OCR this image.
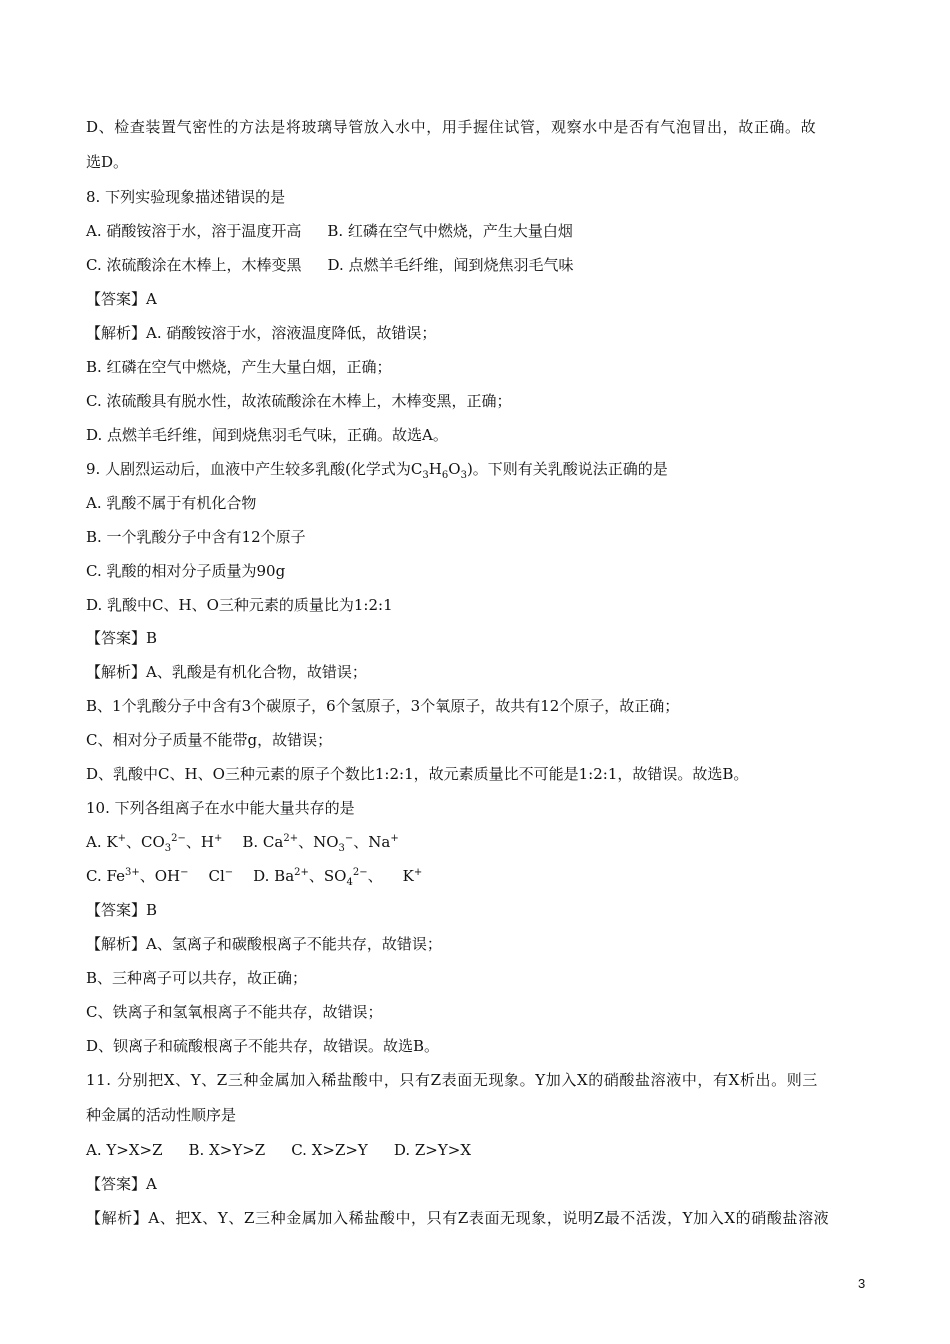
D、检查装置气密性的方法是将玻璃导管放入水中，用手握住试管，观察水中是否有气泡冒出，故正确。故
选D。
8. 下列实验现象描述错误的是
A. 硝酸铵溶于水，溶于温度开高 B. 红磷在空气中燃烧，产生大量白烟
C. 浓硫酸涂在木棒上，木棒变黑 D. 点燃羊毛纤维，闻到烧焦羽毛气味
【答案】A
【解析】A. 硝酸铵溶于水，溶液温度降低，故错误；
B. 红磷在空气中燃烧，产生大量白烟，正确；
C. 浓硫酸具有脱水性，故浓硫酸涂在木棒上，木棒变黑，正确；
D. 点燃羊毛纤维，闻到烧焦羽毛气味，正确。故选A。
9. 人剧烈运动后，血液中产生较多乳酸(化学式为$C_3H_6O_3$)。下则有关乳酸说法正确的是
A. 乳酸不属于有机化合物
B. 一个乳酸分子中含有12个原子
C. 乳酸的相对分子质量为90g
D. 乳酸中C、H、O三种元素的质量比为1:2:1
【答案】B
【解析】A、乳酸是有机化合物，故错误；
B、1个乳酸分子中含有3个碳原子，6个氢原子，3个氧原子，故共有12个原子，故正确；
C、相对分子质量不能带g，故错误；
D、乳酸中C、H、O三种元素的原子个数比1:2:1，故元素质量比不可能是1:2:1，故错误。故选B。
10. 下列各组离子在水中能大量共存的是
A. K+、$CO_3^{2-}$、H+ B. $Ca^{2+}$、$NO_3^-$、Na+
C. $Fe^{3+}$、OH− Cl− D. $Ba^{2+}$、$SO_4^{2-}$、 K+
【答案】B
【解析】A、氢离子和碳酸根离子不能共存，故错误；
B、三种离子可以共存，故正确；
C、铁离子和氢氧根离子不能共存，故错误；
D、钡离子和硫酸根离子不能共存，故错误。故选B。
11. 分别把X、Y、Z三种金属加入稀盐酸中，只有Z表面无现象。Y加入X的硝酸盐溶液中，有X析出。则三
种金属的活动性顺序是
A. Y>X>Z B. X>Y>Z C. X>Z>Y D. Z>Y>X
【答案】A
【解析】A、把X、Y、Z三种金属加入稀盐酸中，只有Z表面无现象，说明Z最不活泼，Y加入X的硝酸盐溶液
3
